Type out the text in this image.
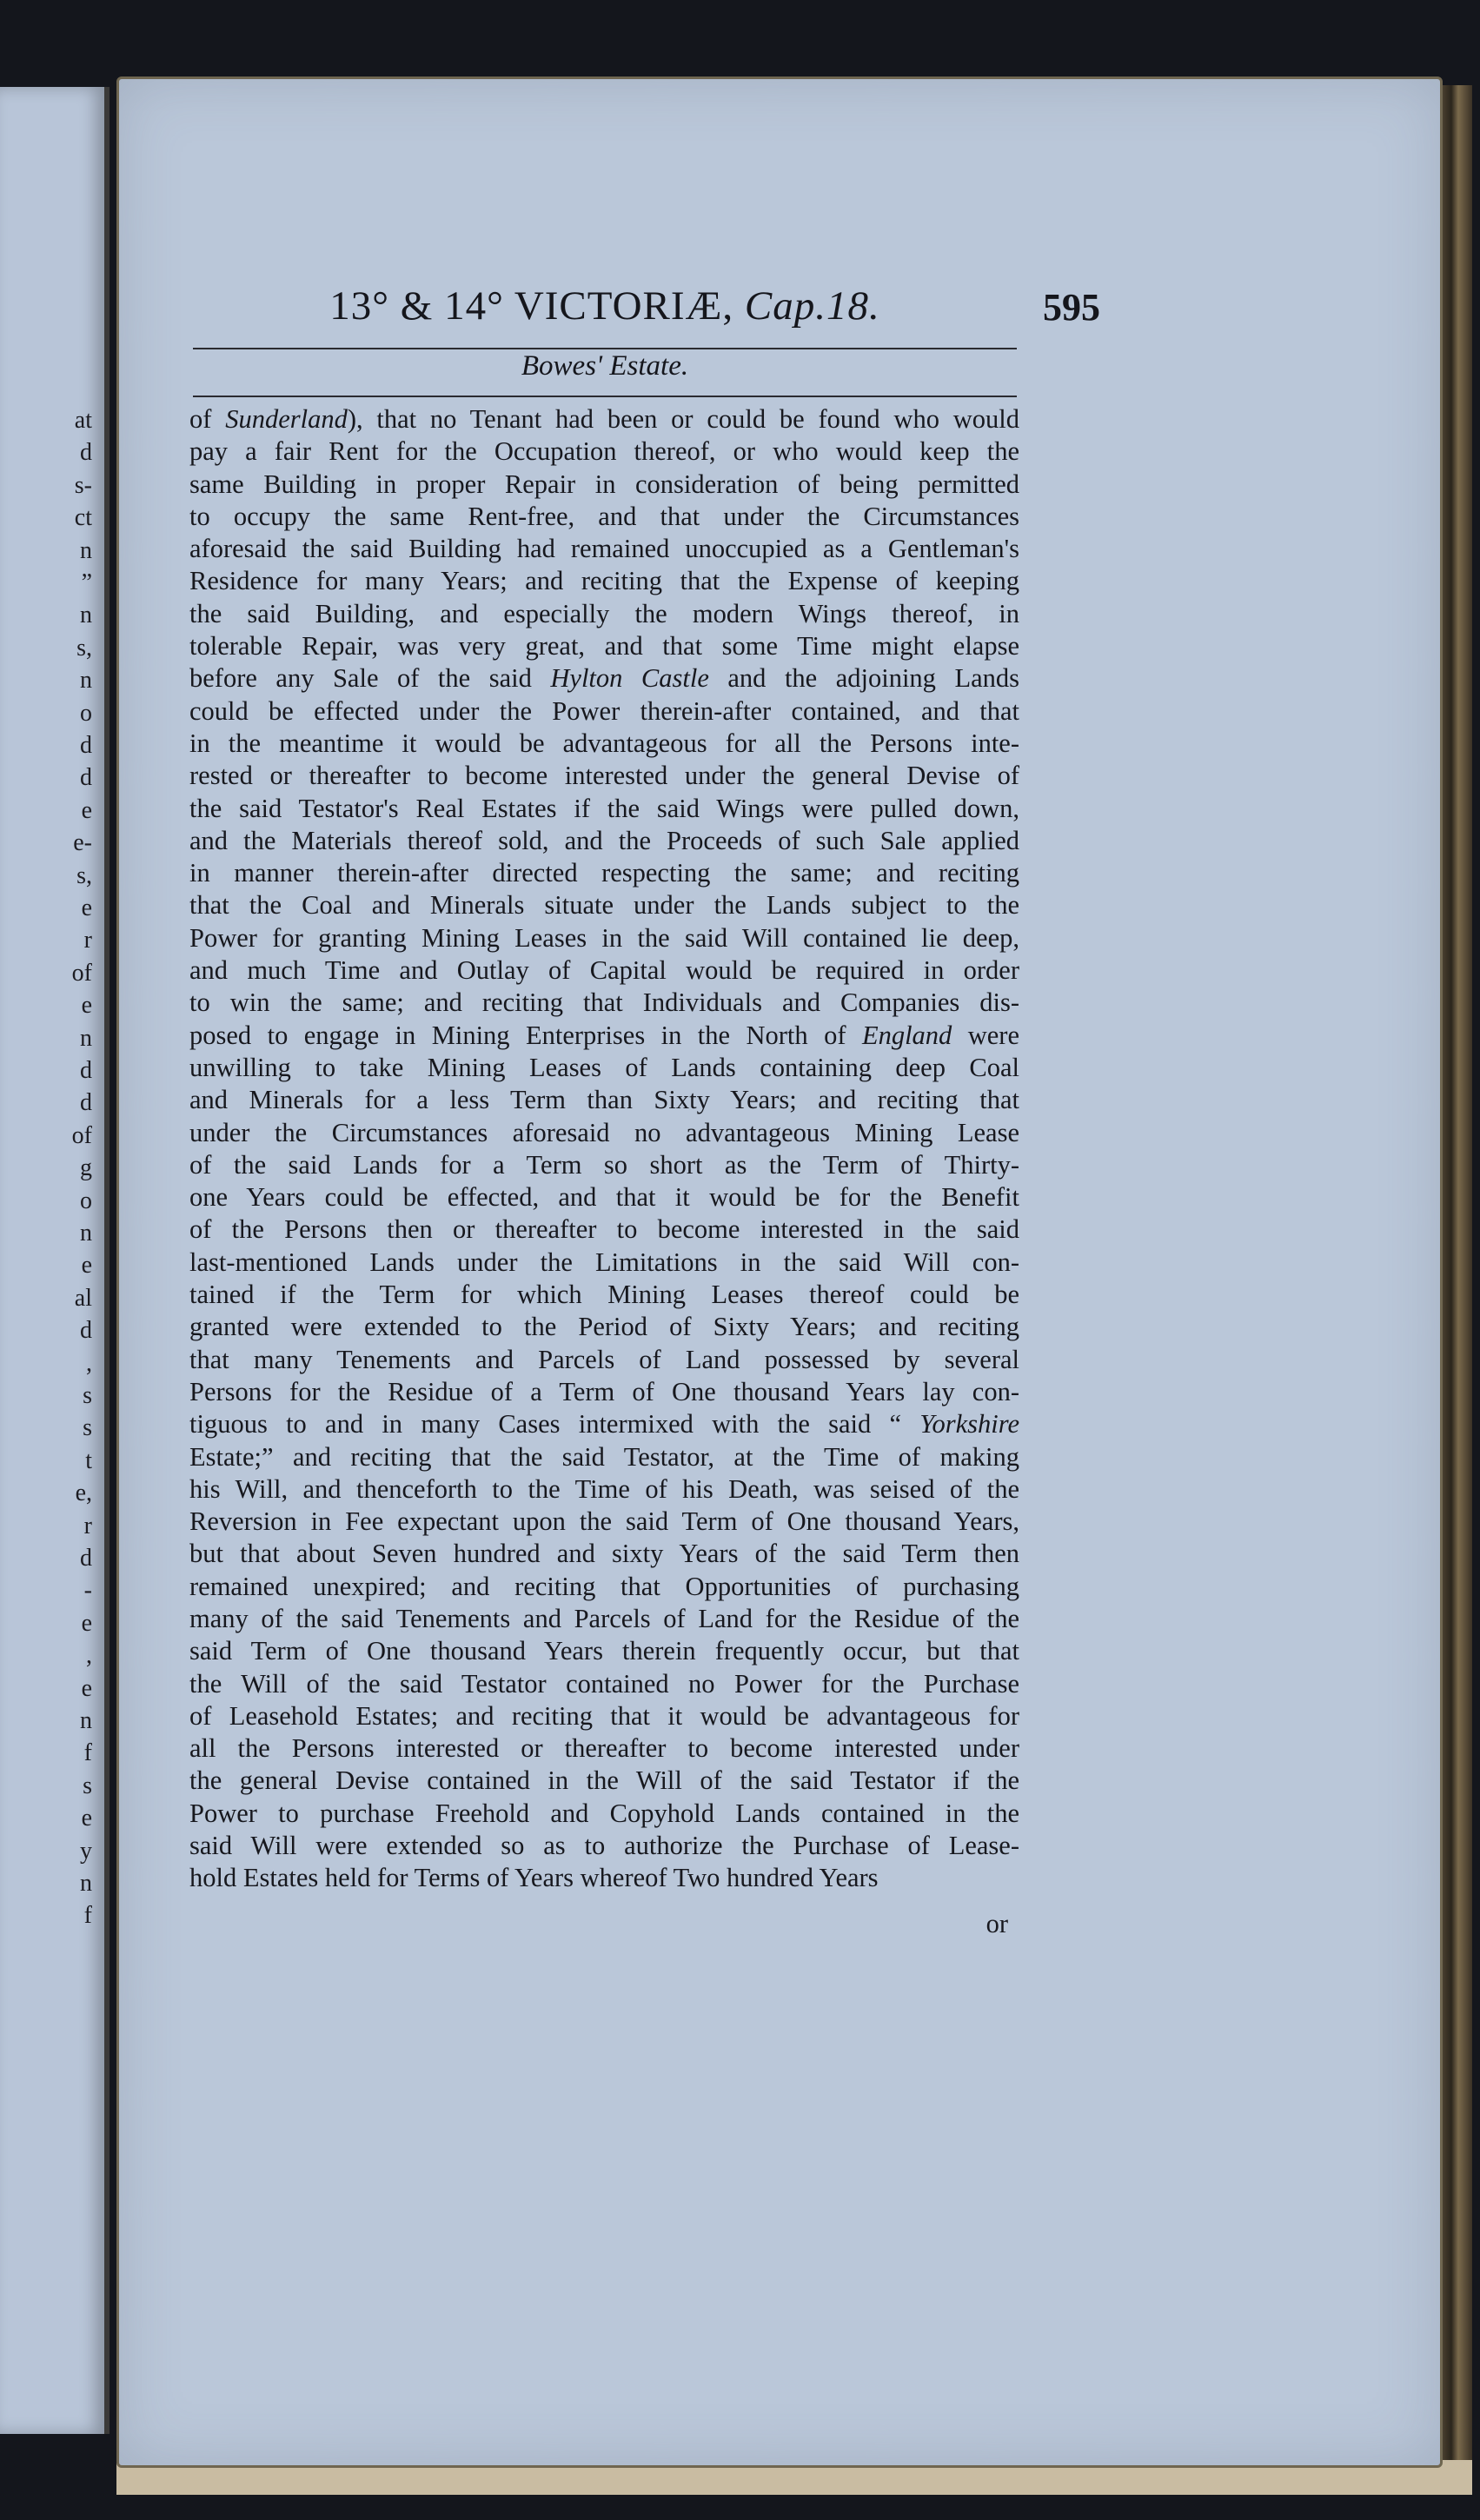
at
d
s-
ct
n
”
n
s,
n
o
d
d
e
e-
s,
e
r
of
e
n
d
d
of
g
o
n
e
al
d
,
s
s
t
e,
r
d
-
e
,
e
n
f
s
e
y
n
f
13° & 14° VICTORIÆ, Cap.18.	595
Bowes' Estate.
of Sunderland), that no Tenant had been or could be found who would
pay a fair Rent for the Occupation thereof, or who would keep the
same Building in proper Repair in consideration of being permitted
to occupy the same Rent-free, and that under the Circumstances
aforesaid the said Building had remained unoccupied as a Gentleman's
Residence for many Years; and reciting that the Expense of keeping
the said Building, and especially the modern Wings thereof, in
tolerable Repair, was very great, and that some Time might elapse
before any Sale of the said Hylton Castle and the adjoining Lands
could be effected under the Power therein-after contained, and that
in the meantime it would be advantageous for all the Persons inte-
rested or thereafter to become interested under the general Devise of
the said Testator's Real Estates if the said Wings were pulled down,
and the Materials thereof sold, and the Proceeds of such Sale applied
in manner therein-after directed respecting the same; and reciting
that the Coal and Minerals situate under the Lands subject to the
Power for granting Mining Leases in the said Will contained lie deep,
and much Time and Outlay of Capital would be required in order
to win the same; and reciting that Individuals and Companies dis-
posed to engage in Mining Enterprises in the North of England were
unwilling to take Mining Leases of Lands containing deep Coal
and Minerals for a less Term than Sixty Years; and reciting that
under the Circumstances aforesaid no advantageous Mining Lease
of the said Lands for a Term so short as the Term of Thirty-
one Years could be effected, and that it would be for the Benefit
of the Persons then or thereafter to become interested in the said
last-mentioned Lands under the Limitations in the said Will con-
tained if the Term for which Mining Leases thereof could be
granted were extended to the Period of Sixty Years; and reciting
that many Tenements and Parcels of Land possessed by several
Persons for the Residue of a Term of One thousand Years lay con-
tiguous to and in many Cases intermixed with the said “ Yorkshire
Estate;” and reciting that the said Testator, at the Time of making
his Will, and thenceforth to the Time of his Death, was seised of the
Reversion in Fee expectant upon the said Term of One thousand Years,
but that about Seven hundred and sixty Years of the said Term then
remained unexpired; and reciting that Opportunities of purchasing
many of the said Tenements and Parcels of Land for the Residue of the
said Term of One thousand Years therein frequently occur, but that
the Will of the said Testator contained no Power for the Purchase
of Leasehold Estates; and reciting that it would be advantageous for
all the Persons interested or thereafter to become interested under
the general Devise contained in the Will of the said Testator if the
Power to purchase Freehold and Copyhold Lands contained in the
said Will were extended so as to authorize the Purchase of Lease-
hold Estates held for Terms of Years whereof Two hundred Years
or
